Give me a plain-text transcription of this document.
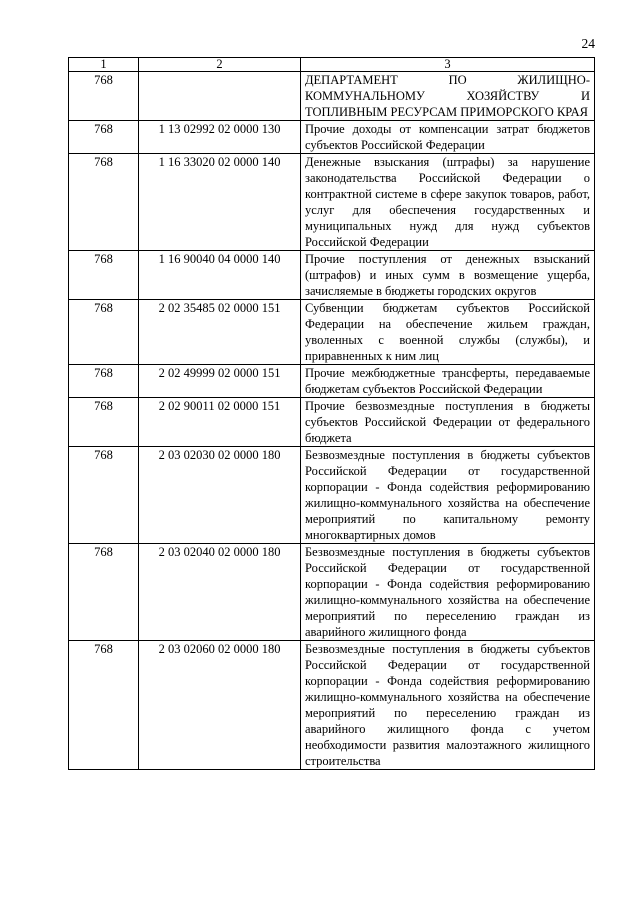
24
1	2	3
768		ДЕПАРТАМЕНТ ПО ЖИЛИЩНО-КОММУНАЛЬНОМУ ХОЗЯЙСТВУ И ТОПЛИВНЫМ РЕСУРСАМ ПРИМОРСКОГО КРАЯ
768	1 13 02992 02 0000 130	Прочие доходы от компенсации затрат бюджетов субъектов Российской Федерации
768	1 16 33020 02 0000 140	Денежные взыскания (штрафы) за нарушение законодательства Российской Федерации о контрактной системе в сфере закупок товаров, работ, услуг для обеспечения государственных и муниципальных нужд для нужд субъектов Российской Федерации
768	1 16 90040 04 0000 140	Прочие поступления от денежных взысканий (штрафов) и иных сумм в возмещение ущерба, зачисляемые в бюджеты городских округов
768	2 02 35485 02 0000 151	Субвенции бюджетам субъектов Российской Федерации на обеспечение жильем граждан, уволенных с военной службы (службы), и приравненных к ним лиц
768	2 02 49999 02 0000 151	Прочие межбюджетные трансферты, передаваемые бюджетам субъектов Российской Федерации
768	2 02 90011 02 0000 151	Прочие безвозмездные поступления в бюджеты субъектов Российской Федерации от федерального бюджета
768	2 03 02030 02 0000 180	Безвозмездные поступления в бюджеты субъектов Российской Федерации от государственной корпорации - Фонда содействия реформированию жилищно-коммунального хозяйства на обеспечение мероприятий по капитальному ремонту многоквартирных домов
768	2 03 02040 02 0000 180	Безвозмездные поступления в бюджеты субъектов Российской Федерации от государственной корпорации - Фонда содействия реформированию жилищно-коммунального хозяйства на обеспечение мероприятий по переселению граждан из аварийного жилищного фонда
768	2 03 02060 02 0000 180	Безвозмездные поступления в бюджеты субъектов Российской Федерации от государственной корпорации - Фонда содействия реформированию жилищно-коммунального хозяйства на обеспечение мероприятий по переселению граждан из аварийного жилищного фонда с учетом необходимости развития малоэтажного жилищного строительства
